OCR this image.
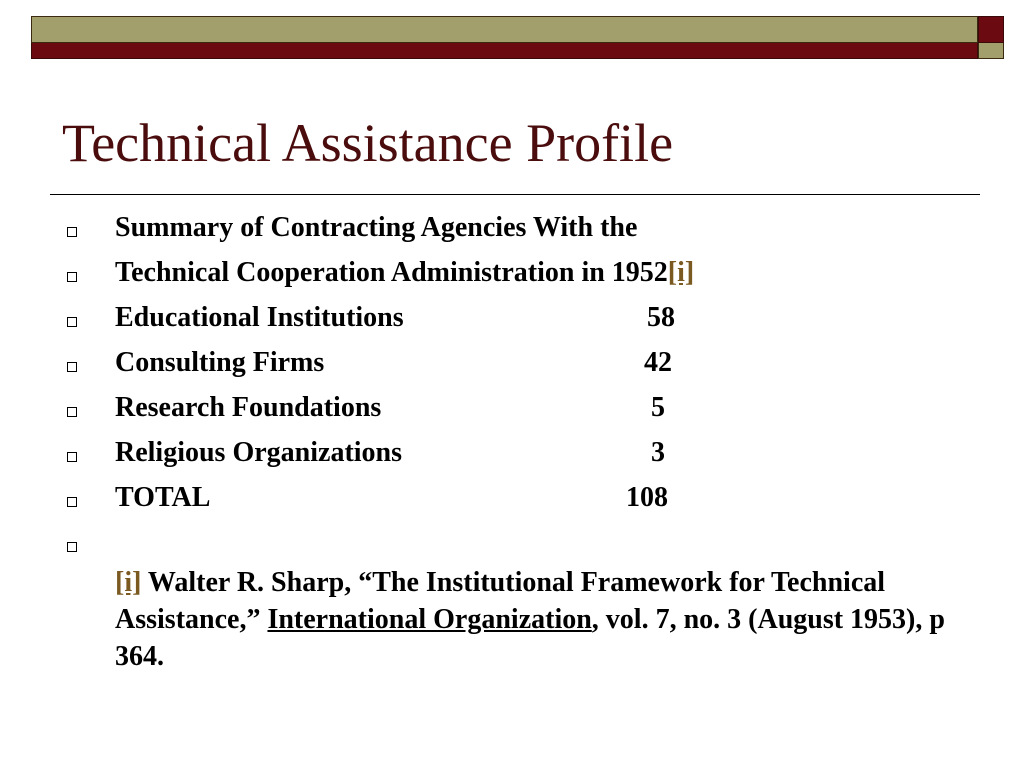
Technical Assistance Profile
Summary of Contracting Agencies With the
Technical Cooperation Administration in 1952[i]
Educational Institutions	58
Consulting Firms	42
Research Foundations	5
Religious Organizations	3
TOTAL	108
[i] Walter R. Sharp, “The Institutional Framework for Technical Assistance,” International Organization, vol. 7, no. 3 (August 1953), p 364.
